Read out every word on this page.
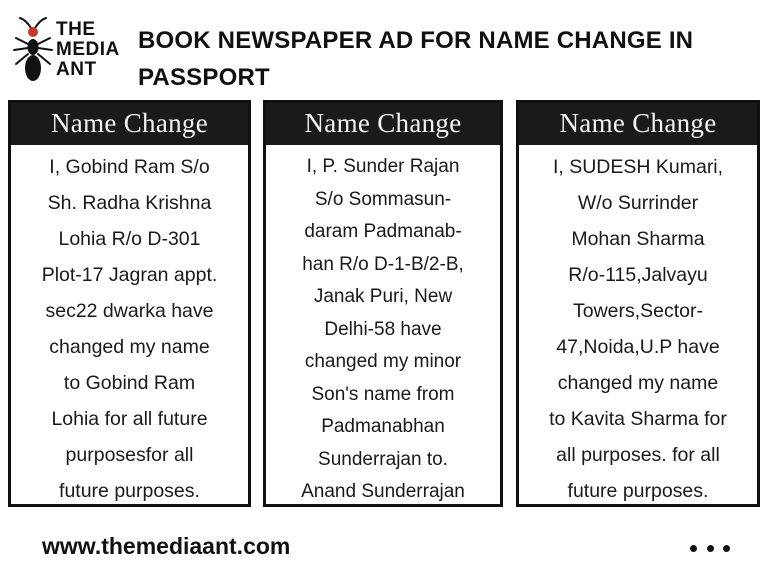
THE
MEDIA
ANT
BOOK NEWSPAPER AD FOR NAME CHANGE IN
PASSPORT
Name Change
I, Gobind Ram S/o
Sh. Radha Krishna
Lohia R/o D-301
Plot-17 Jagran appt.
sec22 dwarka have
changed my name
to Gobind Ram
Lohia for all future
purposesfor all
future purposes.
Name Change
I, P. Sunder Rajan
S/o Sommasun-
daram Padmanab-
han R/o D-1-B/2-B,
Janak Puri, New
Delhi-58 have
changed my minor
Son's name from
Padmanabhan
Sunderrajan to.
Anand Sunderrajan
Name Change
I, SUDESH Kumari,
W/o Surrinder
Mohan Sharma
R/o-115,Jalvayu
Towers,Sector-
47,Noida,U.P have
changed my name
to Kavita Sharma for
all purposes. for all
future purposes.
www.themediaant.com
